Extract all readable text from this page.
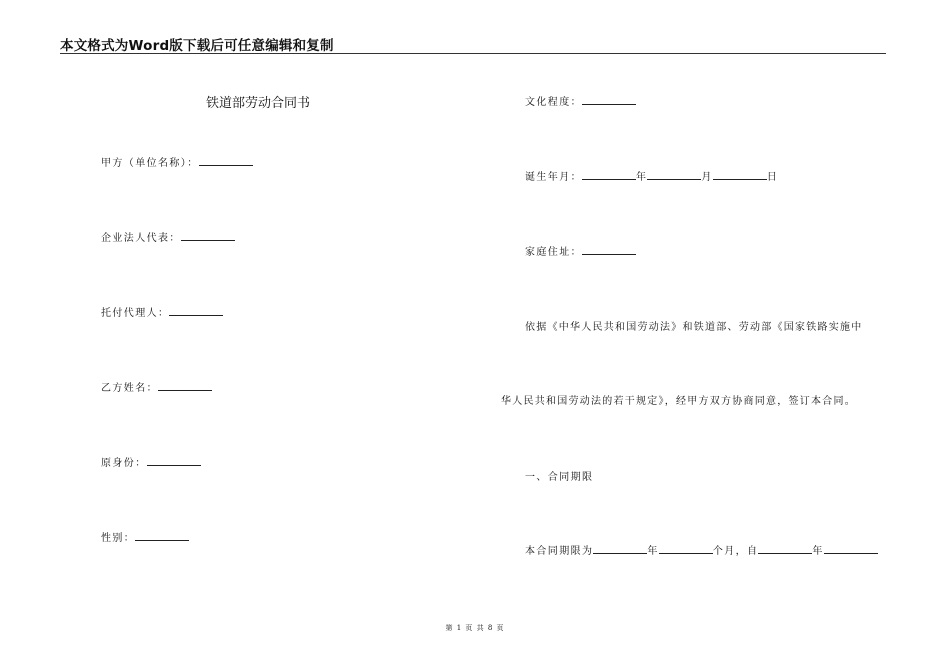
本文格式为Word版下载后可任意编辑和复制
铁道部劳动合同书
甲方（单位名称）：
企业法人代表：
托付代理人：
乙方姓名：
原身份：
性别：
文化程度：
诞生年月：	年	月	日
家庭住址：
依据《中华人民共和国劳动法》和铁道部、劳动部《国家铁路实施中
华人民共和国劳动法的若干规定》，经甲方双方协商同意，签订本合同。
一、合同期限
本合同期限为	年	个月，自	年
第 1 页 共 8 页
